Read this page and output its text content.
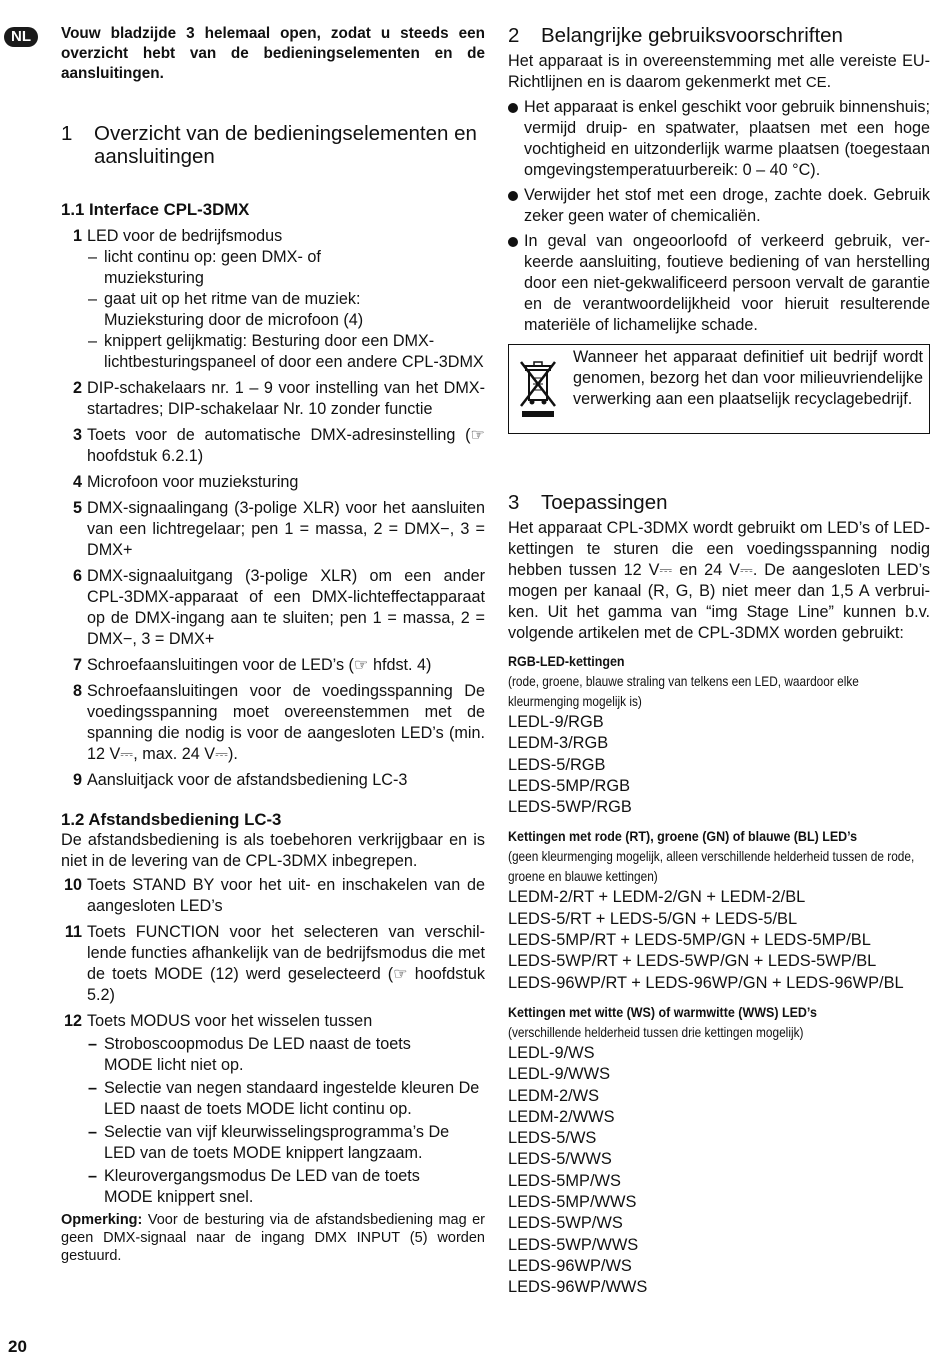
NL
20

Vouw bladzijde 3 helemaal open, zodat u steeds een overzicht hebt van de bedieningselementen en de aansluitingen.

1 Overzicht van de bedieningselementen en aansluitingen
1.1 Interface CPL-3DMX
1 LED voor de bedrijfsmodus
– licht continu op: geen DMX- of muzieksturing
– gaat uit op het ritme van de muziek: Muzieksturing door de microfoon (4)
– knippert gelijkmatig: Besturing door een DMX-lichtbesturingspaneel of door een andere CPL-3DMX
2 DIP-schakelaars nr. 1 – 9 voor instelling van het DMX-startadres; DIP-schakelaar Nr. 10 zonder functie
3 Toets voor de automatische DMX-adresinstelling (☞ hoofdstuk 6.2.1)
4 Microfoon voor muzieksturing
5 DMX-signaalingang (3-polige XLR) voor het aansluiten van een lichtregelaar; pen 1 = massa, 2 = DMX−, 3 = DMX+
6 DMX-signaaluitgang (3-polige XLR) om een ander CPL-3DMX-apparaat of een DMX-lichteffectapparaat op de DMX-ingang aan te sluiten; pen 1 = massa, 2 = DMX−, 3 = DMX+
7 Schroefaansluitingen voor de LED’s (☞ hfdst. 4)
8 Schroefaansluitingen voor de voedingsspanning De voedingsspanning moet overeenstemmen met de spanning die nodig is voor de aangesloten LED’s (min. 12 V⎓, max. 24 V⎓).
9 Aansluitjack voor de afstandsbediening LC-3
1.2 Afstandsbediening LC-3

De afstandsbediening is als toebehoren verkrijgbaar en is niet in de levering van de CPL-3DMX inbegrepen.

10 Toets STAND BY voor het uit- en inschakelen van de aangesloten LED’s
11 Toets FUNCTION voor het selecteren van verschillende functies afhankelijk van de bedrijfsmodus die met de toets MODE (12) werd geselecteerd (☞ hoofdstuk 5.2)
12 Toets MODUS voor het wisselen tussen
– Stroboscoopmodus De LED naast de toets MODE licht niet op.
– Selectie van negen standaard ingestelde kleuren De LED naast de toets MODE licht continu op.
– Selectie van vijf kleurwisselingsprogramma’s De LED van de toets MODE knippert langzaam.
– Kleurovergangsmodus De LED van de toets MODE knippert snel.

Opmerking: Voor de besturing via de afstandsbediening mag er geen DMX-signaal naar de ingang DMX INPUT (5) worden gestuurd.

2 Belangrijke gebruiksvoorschriften

Het apparaat is in overeenstemming met alle vereiste EU-Richtlijnen en is daarom gekenmerkt met CE.

Het apparaat is enkel geschikt voor gebruik binnenshuis; vermijd druip- en spatwater, plaatsen met een hoge vochtigheid en uitzonderlijk warme plaatsen (toegestaan omgevingstemperatuurbereik: 0 – 40 °C).
Verwijder het stof met een droge, zachte doek. Gebruik zeker geen water of chemicaliën.
In geval van ongeoorloofd of verkeerd gebruik, verkeerde aansluiting, foutieve bediening of van herstelling door een niet-gekwalificeerd persoon vervalt de garantie en de verantwoordelijkheid voor hieruit resulterende materiële of lichamelijke schade.
Wanneer het apparaat definitief uit bedrijf wordt genomen, bezorg het dan voor milieuvriendelijke verwerking aan een plaatselijk recyclagebedrijf.
3 Toepassingen

Het apparaat CPL-3DMX wordt gebruikt om LED’s of LED-kettingen te sturen die een voedingsspanning nodig hebben tussen 12 V⎓ en 24 V⎓. De aangesloten LED’s mogen per kanaal (R, G, B) niet meer dan 1,5 A verbruiken. Uit het gamma van “img Stage Line” kunnen b.v. volgende artikelen met de CPL-3DMX worden gebruikt:

RGB-LED-kettingen

(rode, groene, blauwe straling van telkens een LED, waardoor elke kleurmenging mogelijk is)

LEDL-9/RGB

LEDM-3/RGB

LEDS-5/RGB

LEDS-5MP/RGB

LEDS-5WP/RGB

Kettingen met rode (RT), groene (GN) of blauwe (BL) LED’s

(geen kleurmenging mogelijk, alleen verschillende helderheid tussen de rode, groene en blauwe kettingen)

LEDM-2/RT + LEDM-2/GN + LEDM-2/BL

LEDS-5/RT + LEDS-5/GN + LEDS-5/BL

LEDS-5MP/RT + LEDS-5MP/GN + LEDS-5MP/BL

LEDS-5WP/RT + LEDS-5WP/GN + LEDS-5WP/BL

LEDS-96WP/RT + LEDS-96WP/GN + LEDS-96WP/BL

Kettingen met witte (WS) of warmwitte (WWS) LED’s

(verschillende helderheid tussen drie kettingen mogelijk)

LEDL-9/WS

LEDL-9/WWS

LEDM-2/WS

LEDM-2/WWS

LEDS-5/WS

LEDS-5/WWS

LEDS-5MP/WS

LEDS-5MP/WWS

LEDS-5WP/WS

LEDS-5WP/WWS

LEDS-96WP/WS

LEDS-96WP/WWS
